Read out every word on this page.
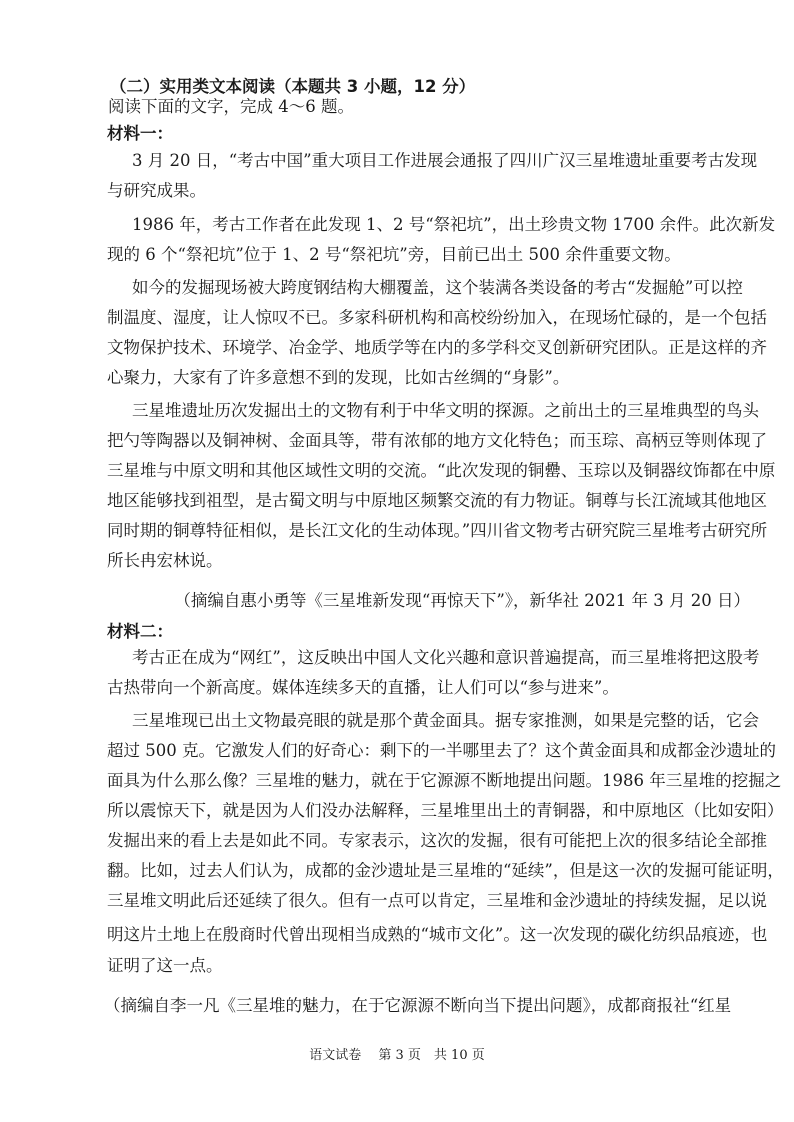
（二）实用类文本阅读（本题共 3 小题，12 分）
阅读下面的文字，完成 4～6 题。
材料一：
3 月 20 日，“考古中国”重大项目工作进展会通报了四川广汉三星堆遗址重要考古发现
与研究成果。
1986 年，考古工作者在此发现 1、2 号“祭祀坑”，出土珍贵文物 1700 余件。此次新发
现的 6 个“祭祀坑”位于 1、2 号“祭祀坑”旁，目前已出土 500 余件重要文物。
如今的发掘现场被大跨度钢结构大棚覆盖，这个装满各类设备的考古“发掘舱”可以控
制温度、湿度，让人惊叹不已。多家科研机构和高校纷纷加入，在现场忙碌的，是一个包括
文物保护技术、环境学、冶金学、地质学等在内的多学科交叉创新研究团队。正是这样的齐
心聚力，大家有了许多意想不到的发现，比如古丝绸的“身影”。
三星堆遗址历次发掘出土的文物有利于中华文明的探源。之前出土的三星堆典型的鸟头
把勺等陶器以及铜神树、金面具等，带有浓郁的地方文化特色；而玉琮、高柄豆等则体现了
三星堆与中原文明和其他区域性文明的交流。“此次发现的铜罍、玉琮以及铜器纹饰都在中原
地区能够找到祖型，是古蜀文明与中原地区频繁交流的有力物证。铜尊与长江流域其他地区
同时期的铜尊特征相似，是长江文化的生动体现。”四川省文物考古研究院三星堆考古研究所
所长冉宏林说。
（摘编自惠小勇等《三星堆新发现“再惊天下”》，新华社 2021 年 3 月 20 日）
材料二：
考古正在成为“网红”，这反映出中国人文化兴趣和意识普遍提高，而三星堆将把这股考
古热带向一个新高度。媒体连续多天的直播，让人们可以“参与进来”。
三星堆现已出土文物最亮眼的就是那个黄金面具。据专家推测，如果是完整的话，它会
超过 500 克。它激发人们的好奇心：剩下的一半哪里去了？这个黄金面具和成都金沙遗址的
面具为什么那么像？三星堆的魅力，就在于它源源不断地提出问题。1986 年三星堆的挖掘之
所以震惊天下，就是因为人们没办法解释，三星堆里出土的青铜器，和中原地区（比如安阳）
发掘出来的看上去是如此不同。专家表示，这次的发掘，很有可能把上次的很多结论全部推
翻。比如，过去人们认为，成都的金沙遗址是三星堆的“延续”，但是这一次的发掘可能证明，
三星堆文明此后还延续了很久。但有一点可以肯定，三星堆和金沙遗址的持续发掘，足以说
明这片土地上在殷商时代曾出现相当成熟的“城市文化”。这一次发现的碳化纺织品痕迹，也
证明了这一点。
（摘编自李一凡《三星堆的魅力，在于它源源不断向当下提出问题》，成都商报社“红星
语文试卷　 第 3 页　共 10 页
